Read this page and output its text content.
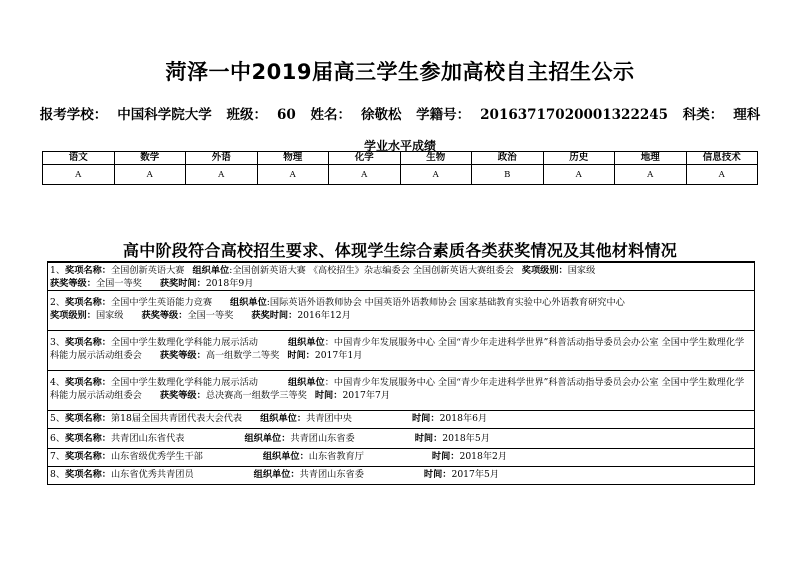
菏泽一中2019届高三学生参加高校自主招生公示
报考学校： 中国科学院大学 班级： 60 姓名： 徐敬松 学籍号： 20163717020001322245 科类： 理科
学业水平成绩
语文	数学	外语	物理	化学	生物	政治	历史	地理	信息技术
A	A	A	A	A	A	B	A	A	A
高中阶段符合高校招生要求、体现学生综合素质各类获奖情况及其他材料情况
1、奖项名称：全国创新英语大赛 组织单位:全国创新英语大赛 《高校招生》杂志编委会 全国创新英语大赛组委会 奖项级别：国家级
获奖等级：全国一等奖 获奖时间：2018年9月
2、奖项名称：全国中学生英语能力竞赛 组织单位:国际英语外语教师协会 中国英语外语教师协会 国家基础教育实验中心外语教育研究中心
奖项级别：国家级 获奖等级：全国一等奖 获奖时间：2016年12月
3、奖项名称：全国中学生数理化学科能力展示活动	组织单位：中国青少年发展服务中心 全国“青少年走进科学世界”科普活动指导委员会办公室 全国中学生数理化学科能力展示活动组委会 获奖等级：高一组数学二等奖 时间：2017年1月
4、奖项名称：全国中学生数理化学科能力展示活动	组织单位：中国青少年发展服务中心 全国“青少年走进科学世界”科普活动指导委员会办公室 全国中学生数理化学科能力展示活动组委会 获奖等级：总决赛高一组数学三等奖 时间：2017年7月
5、奖项名称：第18届全国共青团代表大会代表 组织单位：共青团中央	时间：2018年6月
6、奖项名称：共青团山东省代表	组织单位：共青团山东省委	时间：2018年5月
7、奖项名称：山东省级优秀学生干部	组织单位：山东省教育厅	时间：2018年2月
8、奖项名称：山东省优秀共青团员	组织单位：共青团山东省委	时间：2017年5月
